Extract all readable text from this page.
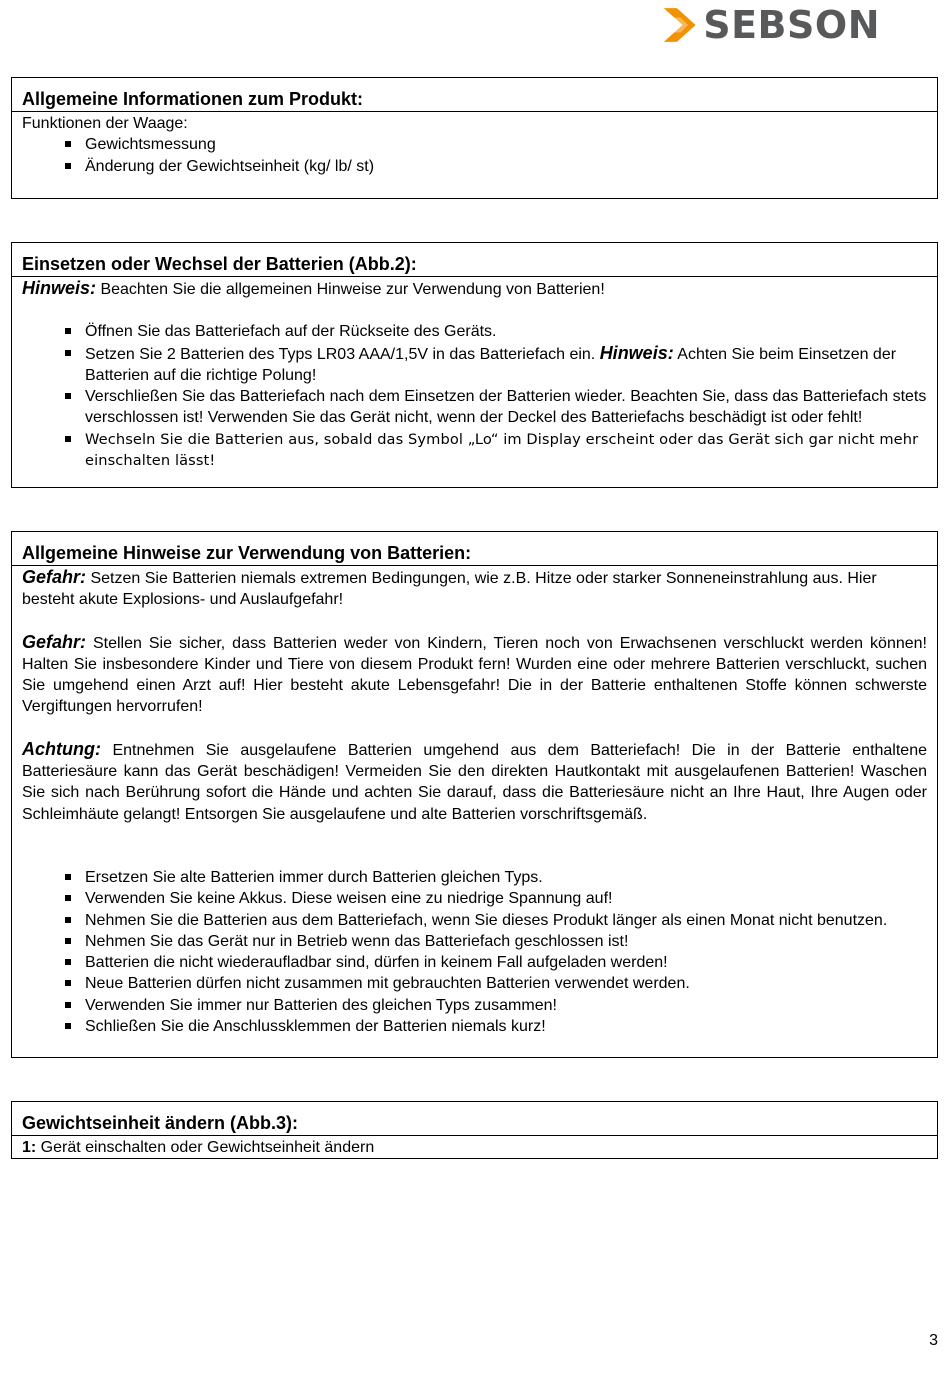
SEBSON
Allgemeine Informationen zum Produkt:
Funktionen der Waage:
Gewichtsmessung
Änderung der Gewichtseinheit (kg/ lb/ st)
Einsetzen oder Wechsel der Batterien (Abb.2):
Hinweis: Beachten Sie die allgemeinen Hinweise zur Verwendung von Batterien!
Öffnen Sie das Batteriefach auf der Rückseite des Geräts.
Setzen Sie 2 Batterien des Typs LR03 AAA/1,5V in das Batteriefach ein. Hinweis: Achten Sie beim Einsetzen der Batterien auf die richtige Polung!
Verschließen Sie das Batteriefach nach dem Einsetzen der Batterien wieder. Beachten Sie, dass das Batteriefach stets verschlossen ist! Verwenden Sie das Gerät nicht, wenn der Deckel des Batteriefachs beschädigt ist oder fehlt!
Wechseln Sie die Batterien aus, sobald das Symbol „Lo“ im Display erscheint oder das Gerät sich gar nicht mehr einschalten lässt!
Allgemeine Hinweise zur Verwendung von Batterien:
Gefahr: Setzen Sie Batterien niemals extremen Bedingungen, wie z.B. Hitze oder starker Sonneneinstrahlung aus. Hier besteht akute Explosions- und Auslaufgefahr!
Gefahr: Stellen Sie sicher, dass Batterien weder von Kindern, Tieren noch von Erwachsenen verschluckt werden können! Halten Sie insbesondere Kinder und Tiere von diesem Produkt fern! Wurden eine oder mehrere Batterien verschluckt, suchen Sie umgehend einen Arzt auf! Hier besteht akute Lebensgefahr! Die in der Batterie enthaltenen Stoffe können schwerste Vergiftungen hervorrufen!
Achtung: Entnehmen Sie ausgelaufene Batterien umgehend aus dem Batteriefach! Die in der Batterie enthaltene Batteriesäure kann das Gerät beschädigen! Vermeiden Sie den direkten Hautkontakt mit ausgelaufenen Batterien! Waschen Sie sich nach Berührung sofort die Hände und achten Sie darauf, dass die Batteriesäure nicht an Ihre Haut, Ihre Augen oder Schleimhäute gelangt! Entsorgen Sie ausgelaufene und alte Batterien vorschriftsgemäß.
Ersetzen Sie alte Batterien immer durch Batterien gleichen Typs.
Verwenden Sie keine Akkus. Diese weisen eine zu niedrige Spannung auf!
Nehmen Sie die Batterien aus dem Batteriefach, wenn Sie dieses Produkt länger als einen Monat nicht benutzen.
Nehmen Sie das Gerät nur in Betrieb wenn das Batteriefach geschlossen ist!
Batterien die nicht wiederaufladbar sind, dürfen in keinem Fall aufgeladen werden!
Neue Batterien dürfen nicht zusammen mit gebrauchten Batterien verwendet werden.
Verwenden Sie immer nur Batterien des gleichen Typs zusammen!
Schließen Sie die Anschlussklemmen der Batterien niemals kurz!
Gewichtseinheit ändern (Abb.3):
1: Gerät einschalten oder Gewichtseinheit ändern
3
